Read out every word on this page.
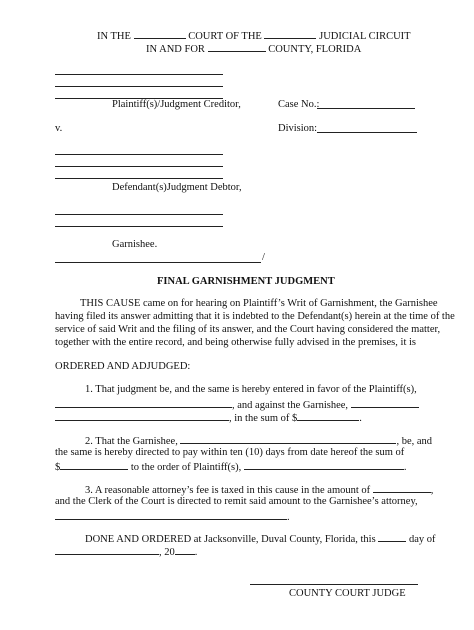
IN THE	COURT OF THE	JUDICIAL CIRCUIT
IN AND FOR	COUNTY, FLORIDA
Plaintiff(s)/Judgment Creditor,	Case No.:
v.	Division:
Defendant(s)Judgment Debtor,
Garnishee.
/
FINAL GARNISHMENT JUDGMENT
THIS CAUSE came on for hearing on Plaintiff’s Writ of Garnishment, the Garnishee
having filed its answer admitting that it is indebted to the Defendant(s) herein at the time of the
service of said Writ and the filing of its answer, and the Court having considered the matter,
together with the entire record, and being otherwise fully advised in the premises, it is
ORDERED AND ADJUDGED:
1. That judgment be, and the same is hereby entered in favor of the Plaintiff(s),
, and against the Garnishee,
, in the sum of $	.
2. That the Garnishee,	, be, and
the same is hereby directed to pay within ten (10) days from date hereof the sum of
$	to the order of Plaintiff(s),	.
3. A reasonable attorney’s fee is taxed in this cause in the amount of	,
and the Clerk of the Court is directed to remit said amount to the Garnishee’s attorney,
.
DONE AND ORDERED at Jacksonville, Duval County, Florida, this	day of
, 20 .
COUNTY COURT JUDGE
